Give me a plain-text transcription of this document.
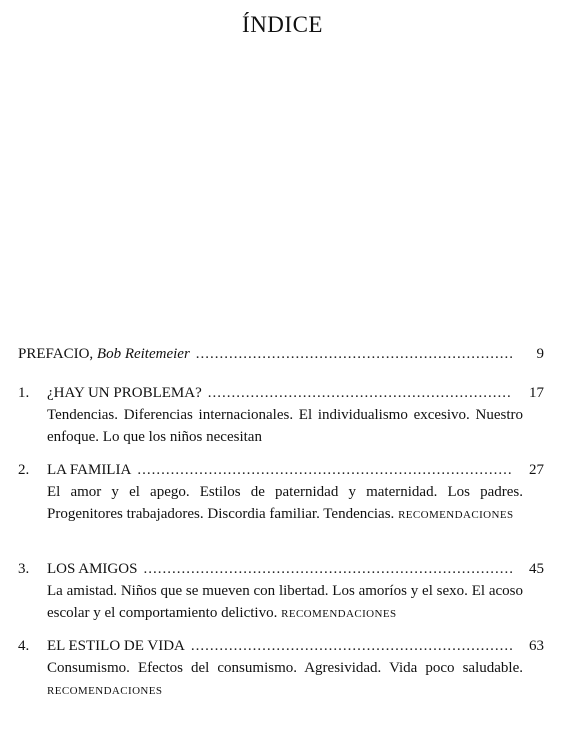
ÍNDICE
PREFACIO, Bob Reitemeier .....	9
1.	¿HAY UN PROBLEMA? .....	17
Tendencias. Diferencias internacionales. El individualismo excesivo. Nuestro enfoque. Lo que los niños necesitan
2.	LA FAMILIA .....	27
El amor y el apego. Estilos de paternidad y maternidad. Los padres. Progenitores trabajadores. Discordia familiar. Tendencias. RECOMENDACIONES
3.	LOS AMIGOS .....	45
La amistad. Niños que se mueven con libertad. Los amoríos y el sexo. El acoso escolar y el comportamiento delictivo. RECOMENDACIONES
4.	EL ESTILO DE VIDA .....	63
Consumismo. Efectos del consumismo. Agresividad. Vida poco saludable. RECOMENDACIONES
